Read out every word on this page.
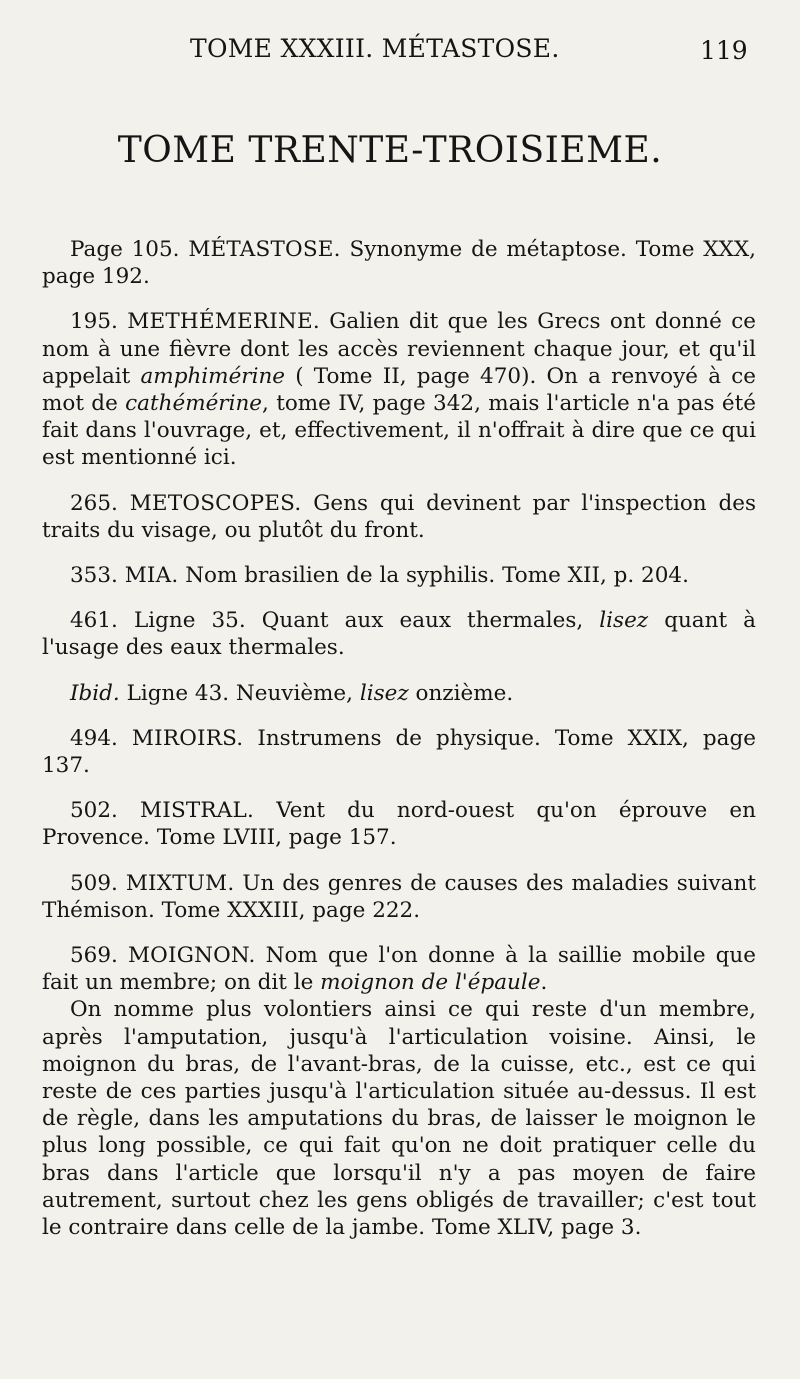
TOME XXXIII. MÉTASTOSE.	119
TOME TRENTE-TROISIEME.

Page 105. MÉTASTOSE. Synonyme de métaptose. Tome XXX, page 192.

195. METHÉMERINE. Galien dit que les Grecs ont donné ce nom à une fièvre dont les accès reviennent chaque jour, et qu'il appelait amphimérine ( Tome II, page 470). On a renvoyé à ce mot de cathémérine, tome IV, page 342, mais l'article n'a pas été fait dans l'ouvrage, et, effectivement, il n'offrait à dire que ce qui est mentionné ici.

265. METOSCOPES. Gens qui devinent par l'inspection des traits du visage, ou plutôt du front.

353. MIA. Nom brasilien de la syphilis. Tome XII, p. 204.

461. Ligne 35. Quant aux eaux thermales, lisez quant à l'usage des eaux thermales.

Ibid. Ligne 43. Neuvième, lisez onzième.

494. MIROIRS. Instrumens de physique. Tome XXIX, page 137.

502. MISTRAL. Vent du nord-ouest qu'on éprouve en Provence. Tome LVIII, page 157.

509. MIXTUM. Un des genres de causes des maladies suivant Thémison. Tome XXXIII, page 222.

569. MOIGNON. Nom que l'on donne à la saillie mobile que fait un membre; on dit le moignon de l'épaule.

On nomme plus volontiers ainsi ce qui reste d'un membre, après l'amputation, jusqu'à l'articulation voisine. Ainsi, le moignon du bras, de l'avant-bras, de la cuisse, etc., est ce qui reste de ces parties jusqu'à l'articulation située au-dessus. Il est de règle, dans les amputations du bras, de laisser le moignon le plus long possible, ce qui fait qu'on ne doit pratiquer celle du bras dans l'article que lorsqu'il n'y a pas moyen de faire autrement, surtout chez les gens obligés de travailler; c'est tout le contraire dans celle de la jambe. Tome XLIV, page 3.
